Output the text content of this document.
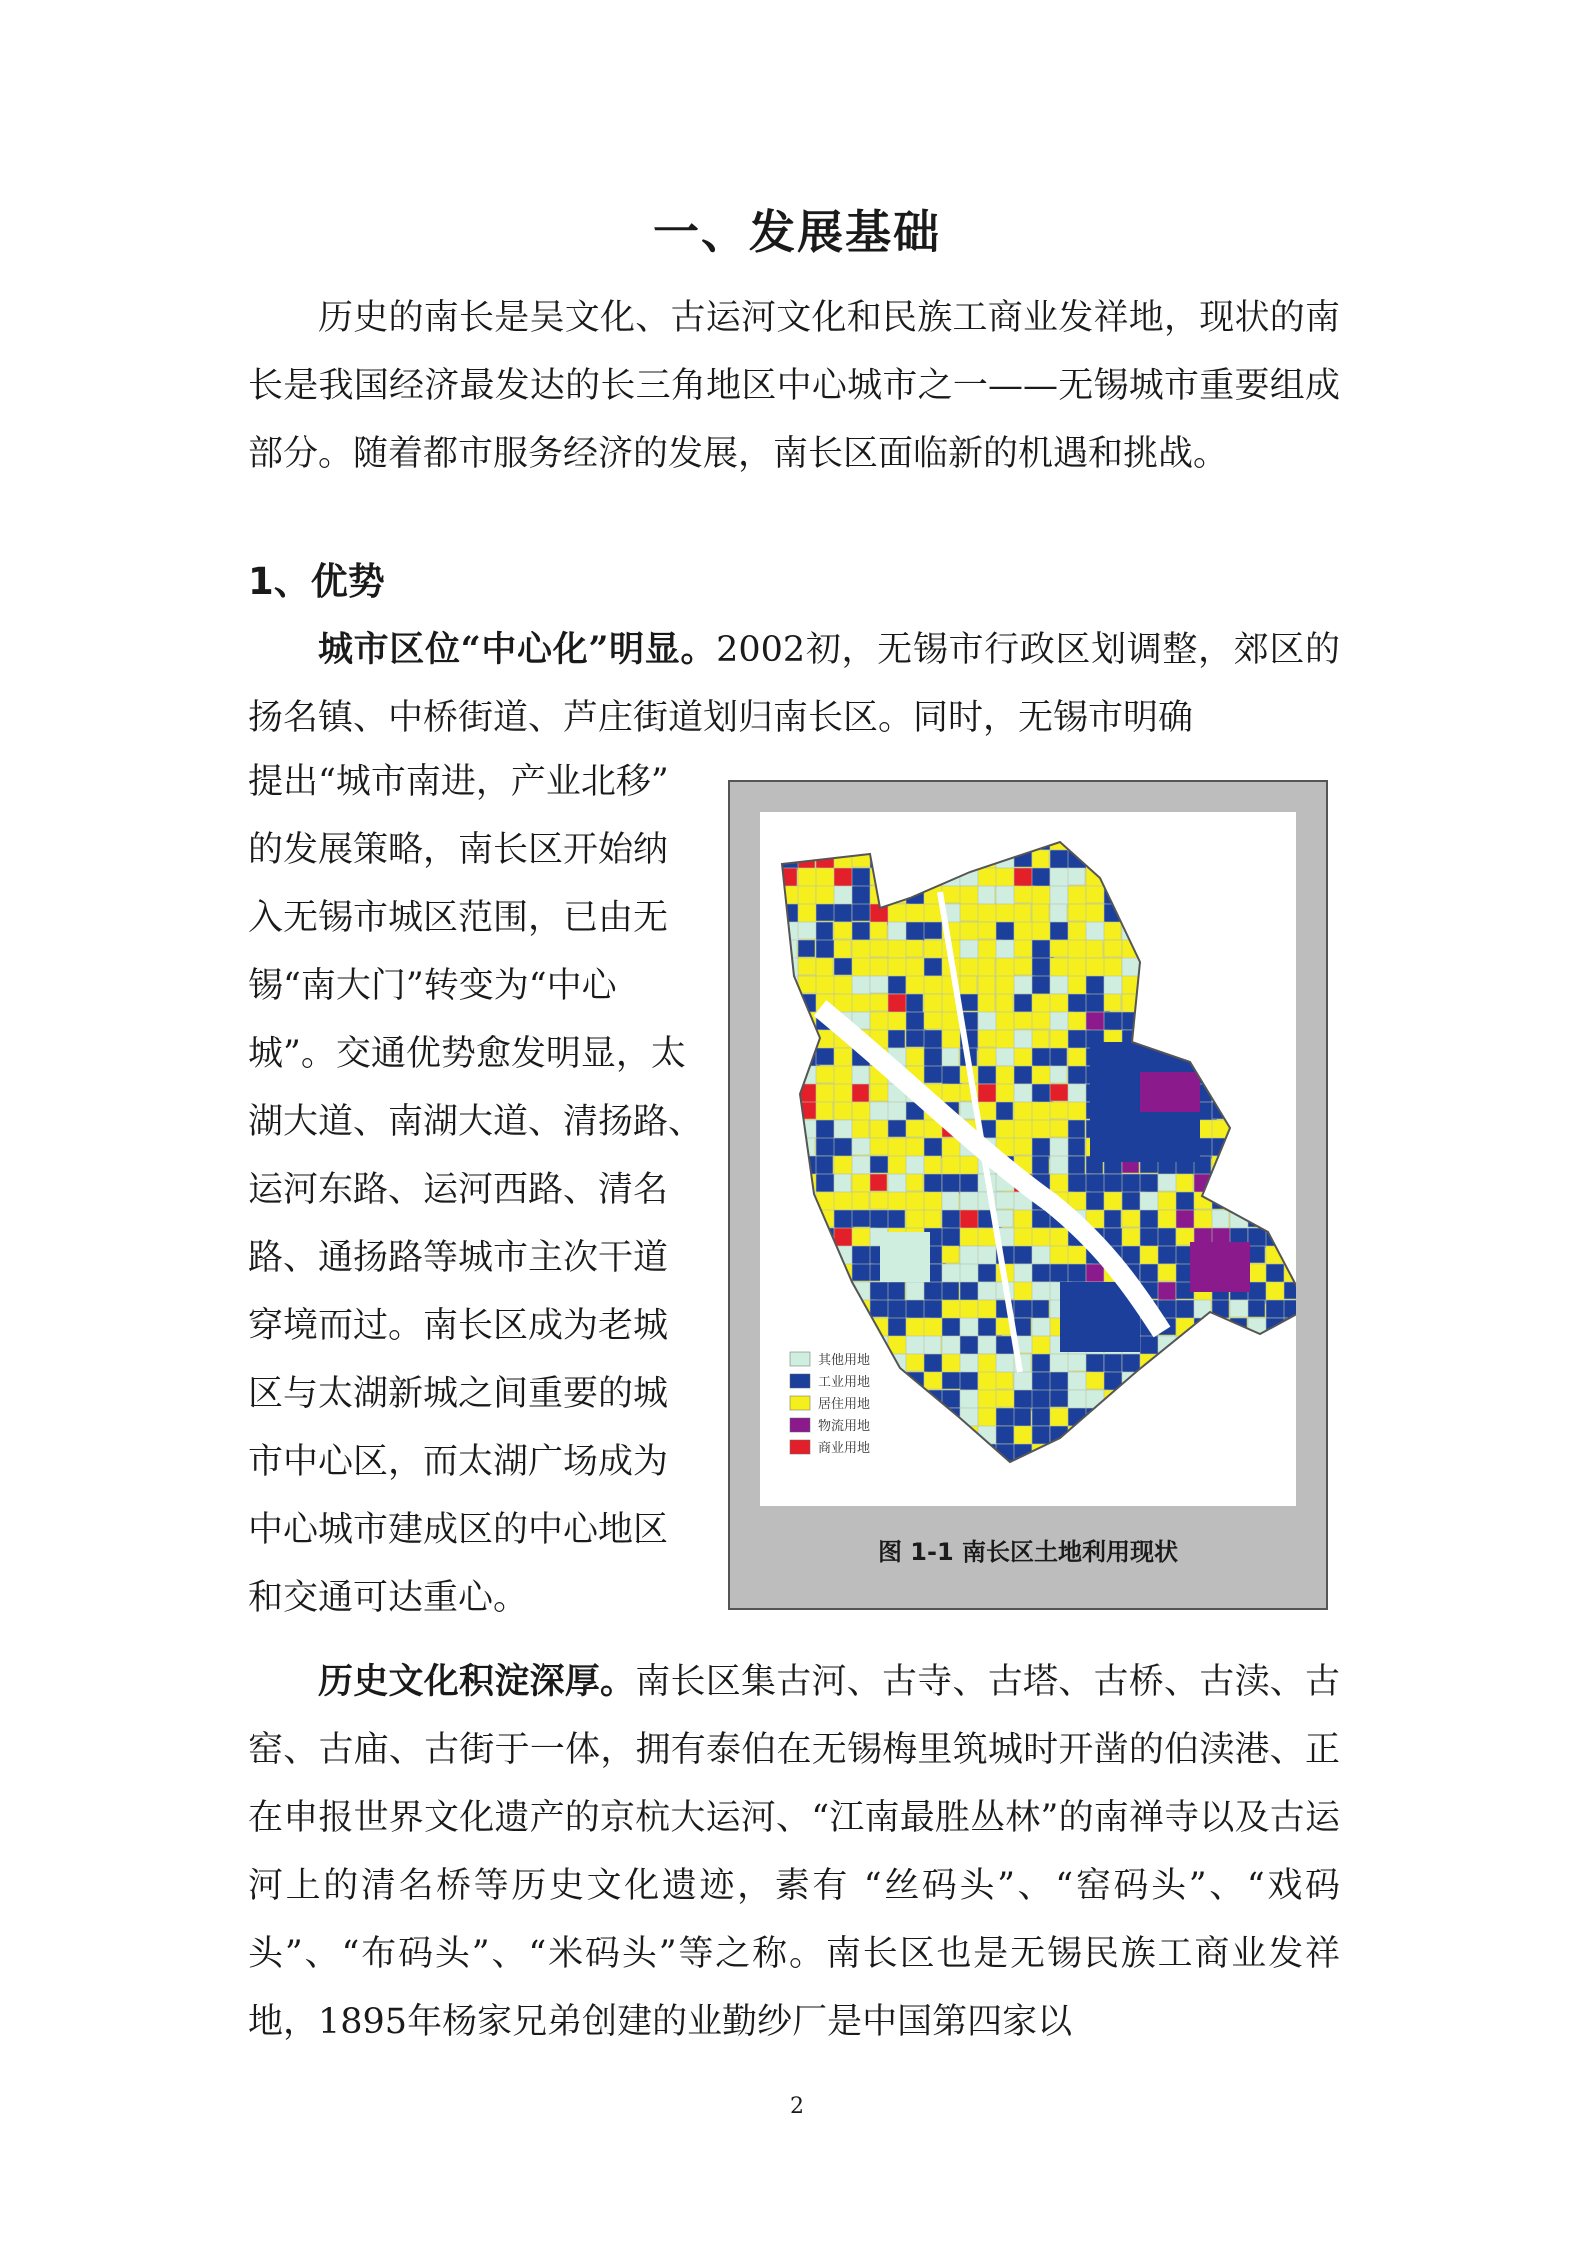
一、发展基础

历史的南长是吴文化、古运河文化和民族工商业发祥地，现状的南长是我国经济最发达的长三角地区中心城市之一——无锡城市重要组成部分。随着都市服务经济的发展，南长区面临新的机遇和挑战。

1、优势

城市区位“中心化”明显。2002初，无锡市行政区划调整，郊区的扬名镇、中桥街道、芦庄街道划归南长区。同时，无锡市明确

提出“城市南进，产业北移”
的发展策略，南长区开始纳
入无锡市城区范围，已由无
锡“南大门”转变为“中心
城”。交通优势愈发明显，太
湖大道、南湖大道、清扬路、
运河东路、运河西路、清名
路、通扬路等城市主次干道
穿境而过。南长区成为老城
区与太湖新城之间重要的城
市中心区，而太湖广场成为
中心城市建成区的中心地区
和交通可达重心。
其他用地
工业用地
居住用地
物流用地
商业用地
图 1-1 南长区土地利用现状

历史文化积淀深厚。南长区集古河、古寺、古塔、古桥、古渎、古窑、古庙、古街于一体，拥有泰伯在无锡梅里筑城时开凿的伯渎港、正在申报世界文化遗产的京杭大运河、“江南最胜丛林”的南禅寺以及古运河上的清名桥等历史文化遗迹，素有 “丝码头”、“窑码头”、“戏码头”、“布码头”、“米码头”等之称。南长区也是无锡民族工商业发祥地，1895年杨家兄弟创建的业勤纱厂是中国第四家以

2
